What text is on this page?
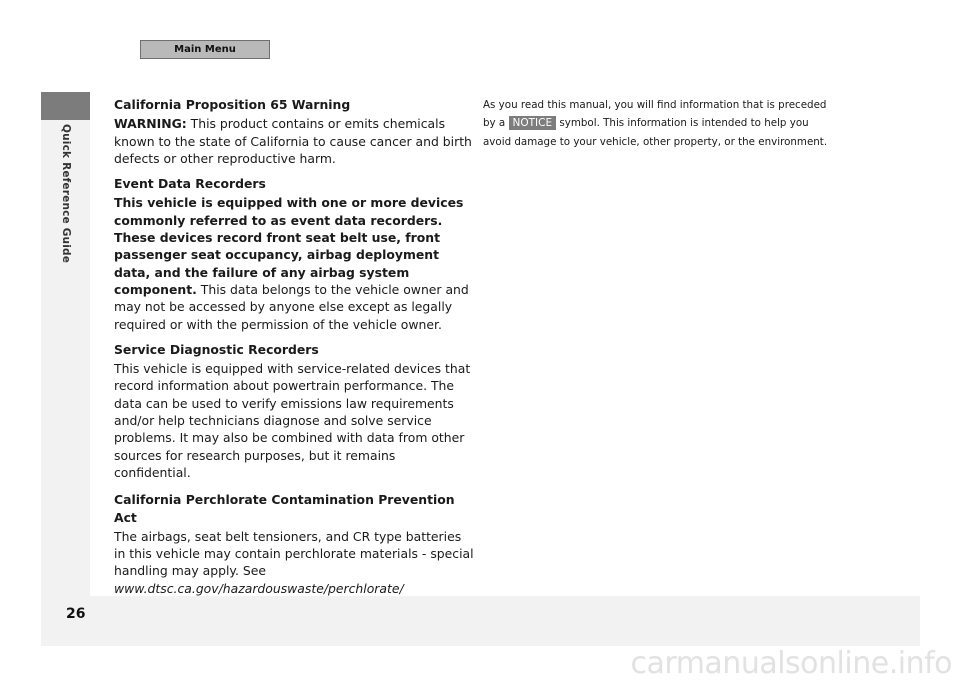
Main Menu
Quick Reference Guide

California Proposition 65 Warning

WARNING: This product contains or emits chemicals known to the state of California to cause cancer and birth defects or other reproductive harm.

Event Data Recorders

This vehicle is equipped with one or more devices commonly referred to as event data recorders. These devices record front seat belt use, front passenger seat occupancy, airbag deployment data, and the failure of any airbag system component. This data belongs to the vehicle owner and may not be accessed by anyone else except as legally required or with the permission of the vehicle owner.

Service Diagnostic Recorders

This vehicle is equipped with service-related devices that record information about powertrain performance. The data can be used to verify emissions law requirements and/or help technicians diagnose and solve service problems. It may also be combined with data from other sources for research purposes, but it remains confidential.

California Perchlorate Contamination Prevention Act

The airbags, seat belt tensioners, and CR type batteries in this vehicle may contain perchlorate materials - special handling may apply. See www.dtsc.ca.gov/hazardouswaste/perchlorate/

As you read this manual, you will find information that is preceded by a NOTICE symbol. This information is intended to help you avoid damage to your vehicle, other property, or the environment.

26
carmanualsonline.info
